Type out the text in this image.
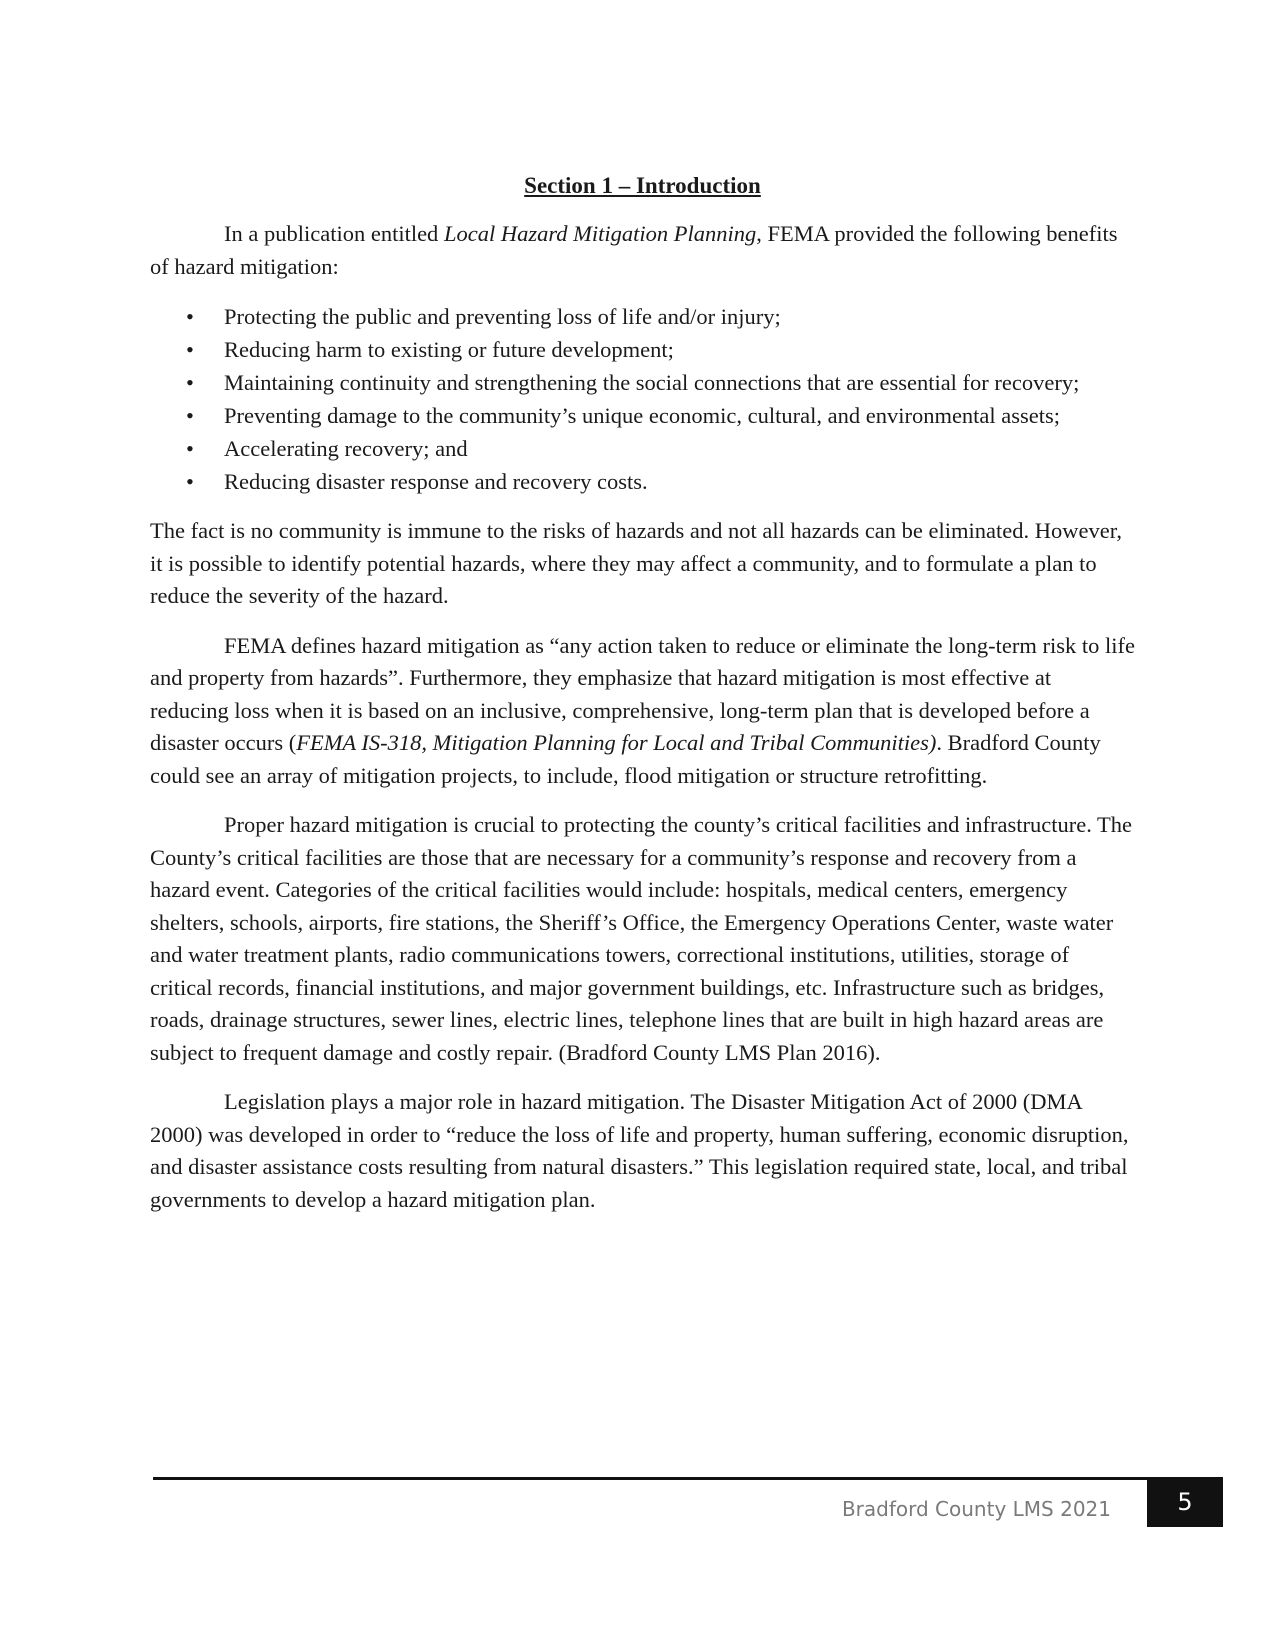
Section 1 – Introduction

In a publication entitled Local Hazard Mitigation Planning, FEMA provided the following benefits of hazard mitigation:

• Protecting the public and preventing loss of life and/or injury;
• Reducing harm to existing or future development;
• Maintaining continuity and strengthening the social connections that are essential for recovery;
• Preventing damage to the community’s unique economic, cultural, and environmental assets;
• Accelerating recovery; and
• Reducing disaster response and recovery costs.

The fact is no community is immune to the risks of hazards and not all hazards can be eliminated. However, it is possible to identify potential hazards, where they may affect a community, and to formulate a plan to reduce the severity of the hazard.

FEMA defines hazard mitigation as “any action taken to reduce or eliminate the long-term risk to life and property from hazards”. Furthermore, they emphasize that hazard mitigation is most effective at reducing loss when it is based on an inclusive, comprehensive, long-term plan that is developed before a disaster occurs (FEMA IS-318, Mitigation Planning for Local and Tribal Communities). Bradford County could see an array of mitigation projects, to include, flood mitigation or structure retrofitting.

Proper hazard mitigation is crucial to protecting the county’s critical facilities and infrastructure. The County’s critical facilities are those that are necessary for a community’s response and recovery from a hazard event. Categories of the critical facilities would include: hospitals, medical centers, emergency shelters, schools, airports, fire stations, the Sheriff’s Office, the Emergency Operations Center, waste water and water treatment plants, radio communications towers, correctional institutions, utilities, storage of critical records, financial institutions, and major government buildings, etc. Infrastructure such as bridges, roads, drainage structures, sewer lines, electric lines, telephone lines that are built in high hazard areas are subject to frequent damage and costly repair. (Bradford County LMS Plan 2016).

Legislation plays a major role in hazard mitigation. The Disaster Mitigation Act of 2000 (DMA 2000) was developed in order to “reduce the loss of life and property, human suffering, economic disruption, and disaster assistance costs resulting from natural disasters.” This legislation required state, local, and tribal governments to develop a hazard mitigation plan.

Bradford County LMS 2021	5
